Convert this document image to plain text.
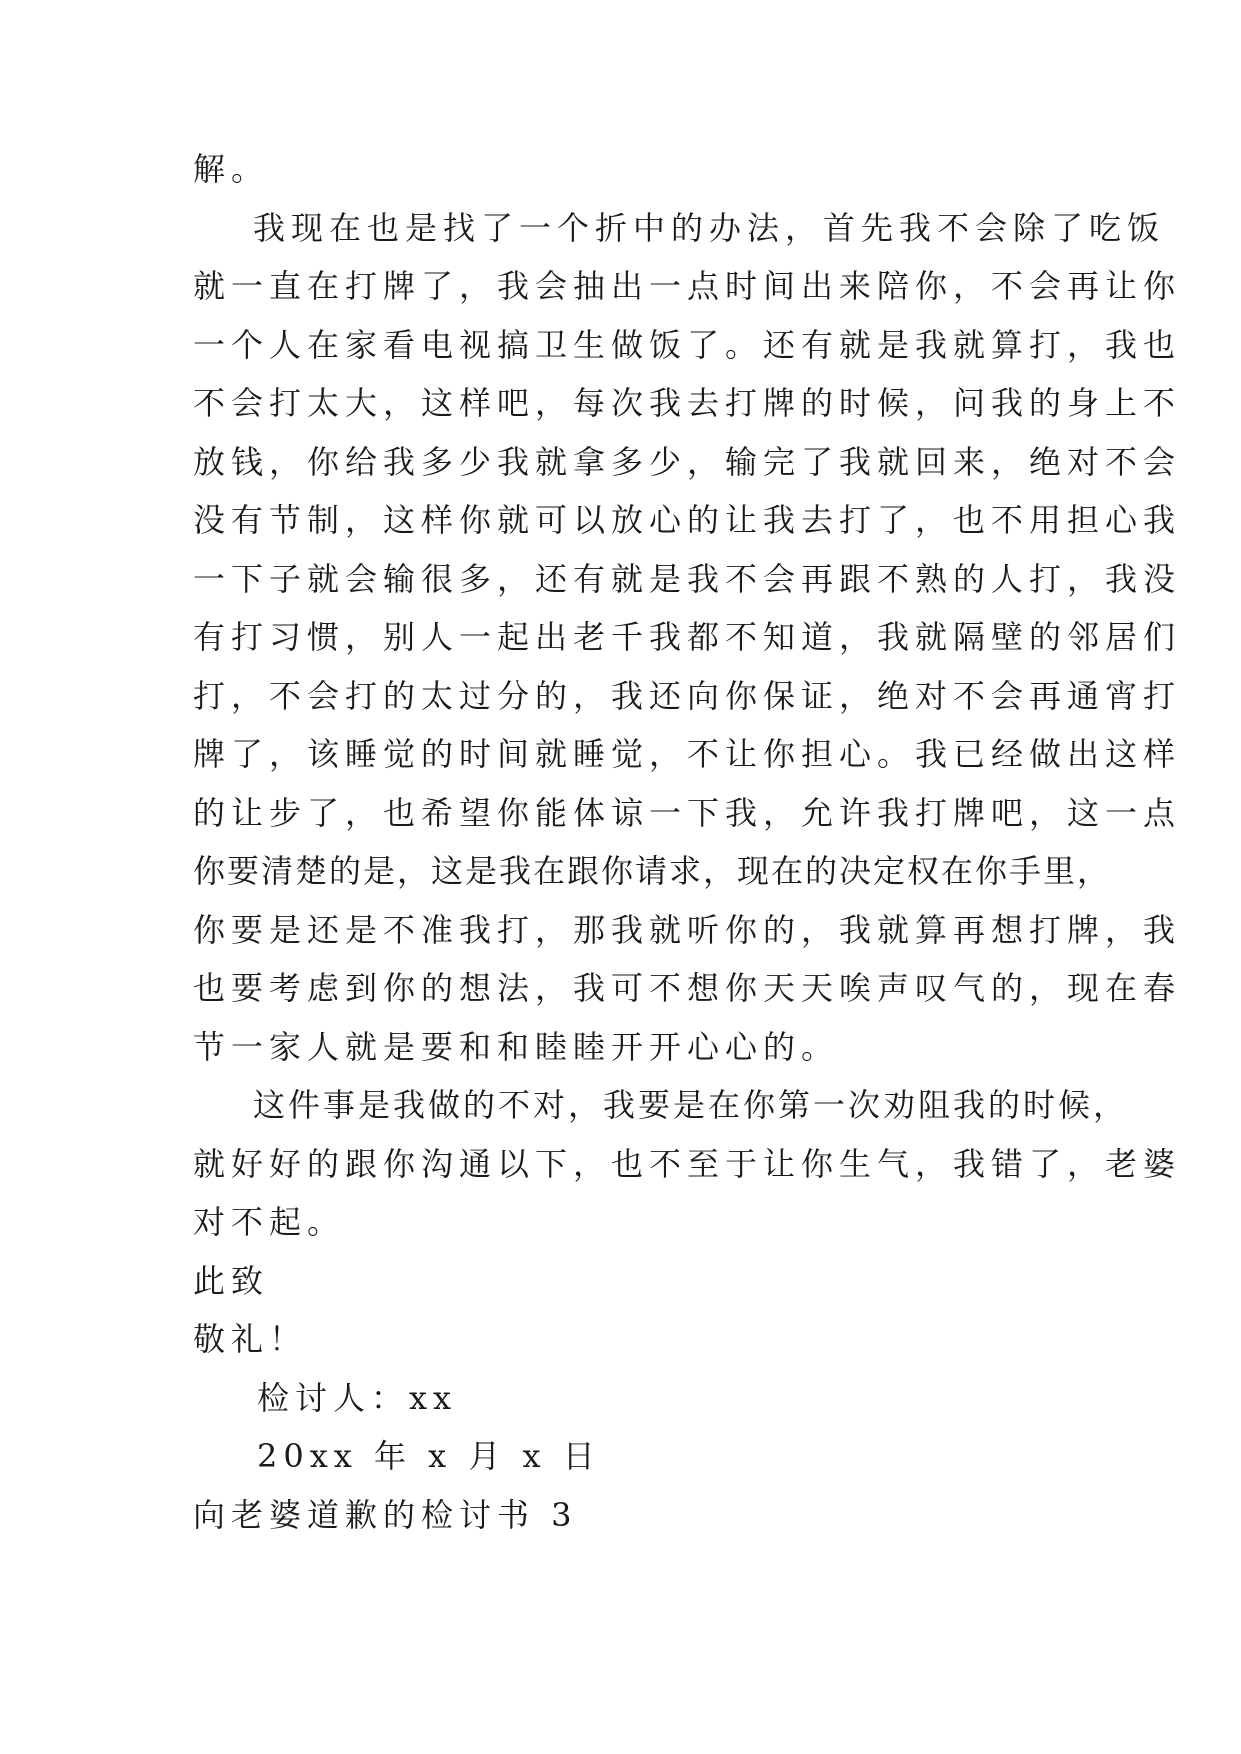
解。
我现在也是找了一个折中的办法，首先我不会除了吃饭
就一直在打牌了，我会抽出一点时间出来陪你，不会再让你
一个人在家看电视搞卫生做饭了。还有就是我就算打，我也
不会打太大，这样吧，每次我去打牌的时候，问我的身上不
放钱，你给我多少我就拿多少，输完了我就回来，绝对不会
没有节制，这样你就可以放心的让我去打了，也不用担心我
一下子就会输很多，还有就是我不会再跟不熟的人打，我没
有打习惯，别人一起出老千我都不知道，我就隔壁的邻居们
打，不会打的太过分的，我还向你保证，绝对不会再通宵打
牌了，该睡觉的时间就睡觉，不让你担心。我已经做出这样
的让步了，也希望你能体谅一下我，允许我打牌吧，这一点
你要清楚的是，这是我在跟你请求，现在的决定权在你手里，
你要是还是不准我打，那我就听你的，我就算再想打牌，我
也要考虑到你的想法，我可不想你天天唉声叹气的，现在春
节一家人就是要和和睦睦开开心心的。
这件事是我做的不对，我要是在你第一次劝阻我的时候，
就好好的跟你沟通以下，也不至于让你生气，我错了，老婆
对不起。
此致
敬礼！
检讨人：xx
20xx 年 x 月 x 日
向老婆道歉的检讨书 3
